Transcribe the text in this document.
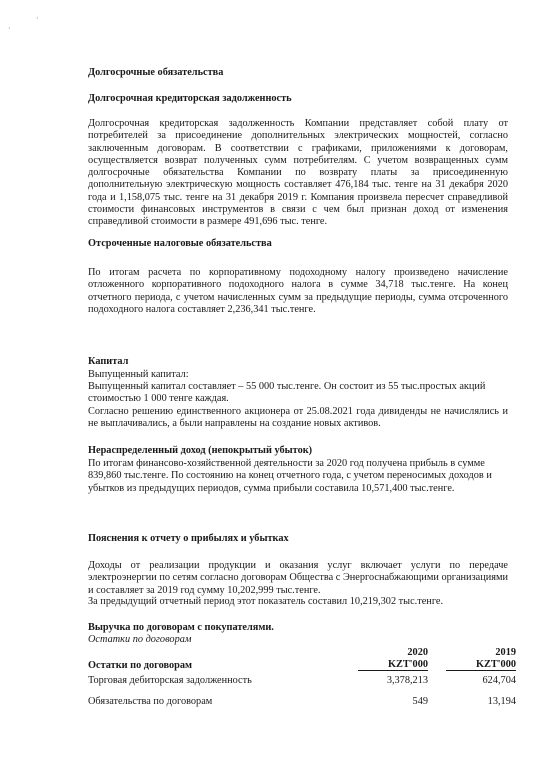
·
·
Долгосрочные обязательства
Долгосрочная кредиторская задолженность
Долгосрочная кредиторская задолженность Компании представляет собой плату от потребителей за присоединение дополнительных электрических мощностей, согласно заключенным договорам. В соответствии с графиками, приложениями к договорам, осуществляется возврат полученных сумм потребителям. С учетом возвращенных сумм долгосрочные обязательства Компании по возврату платы за присоединенную дополнительную электрическую мощность составляет 476,184 тыс. тенге на 31 декабря 2020 года и 1,158,075 тыс. тенге на 31 декабря 2019 г. Компания произвела пересчет справедливой стоимости финансовых инструментов в связи с чем был признан доход от изменения справедливой стоимости в размере 491,696 тыс. тенге.
Отсроченные налоговые обязательства
По итогам расчета по корпоративному подоходному налогу произведено начисление отложенного корпоративного подоходного налога в сумме 34,718 тыс.тенге. На конец отчетного периода, с учетом начисленных сумм за предыдущие периоды, сумма отсроченного подоходного налога составляет 2,236,341 тыс.тенге.
Капитал
Выпущенный капитал:
Выпущенный капитал составляет – 55 000 тыс.тенге. Он состоит из 55 тыс.простых акций стоимостью 1 000 тенге каждая.
Согласно решению единственного акционера от 25.08.2021 года дивиденды не начислялись и не выплачивались, а были направлены на создание новых активов.
Нераспределенный доход (непокрытый убыток)
По итогам финансово-хозяйственной деятельности за 2020 год получена прибыль в сумме 839,860 тыс.тенге. По состоянию на конец отчетного года, с учетом переносимых доходов и убытков из предыдущих периодов, сумма прибыли составила 10,571,400 тыс.тенге.
Пояснения к отчету о прибылях и убытках
Доходы от реализации продукции и оказания услуг включает услуги по передаче электроэнергии по сетям согласно договорам Общества с Энергоснабжающими организациями и составляет за 2019 год сумму 10,202,999 тыс.тенге.
За предыдущий отчетный период этот показатель составил 10,219,302 тыс.тенге.
Выручка по договорам с покупателями.
Остатки по договорам
	2020		2019
Остатки по договорам	KZT'000		KZT'000
Торговая дебиторская задолженность	3,378,213		624,704
Обязательства по договорам	549		13,194
